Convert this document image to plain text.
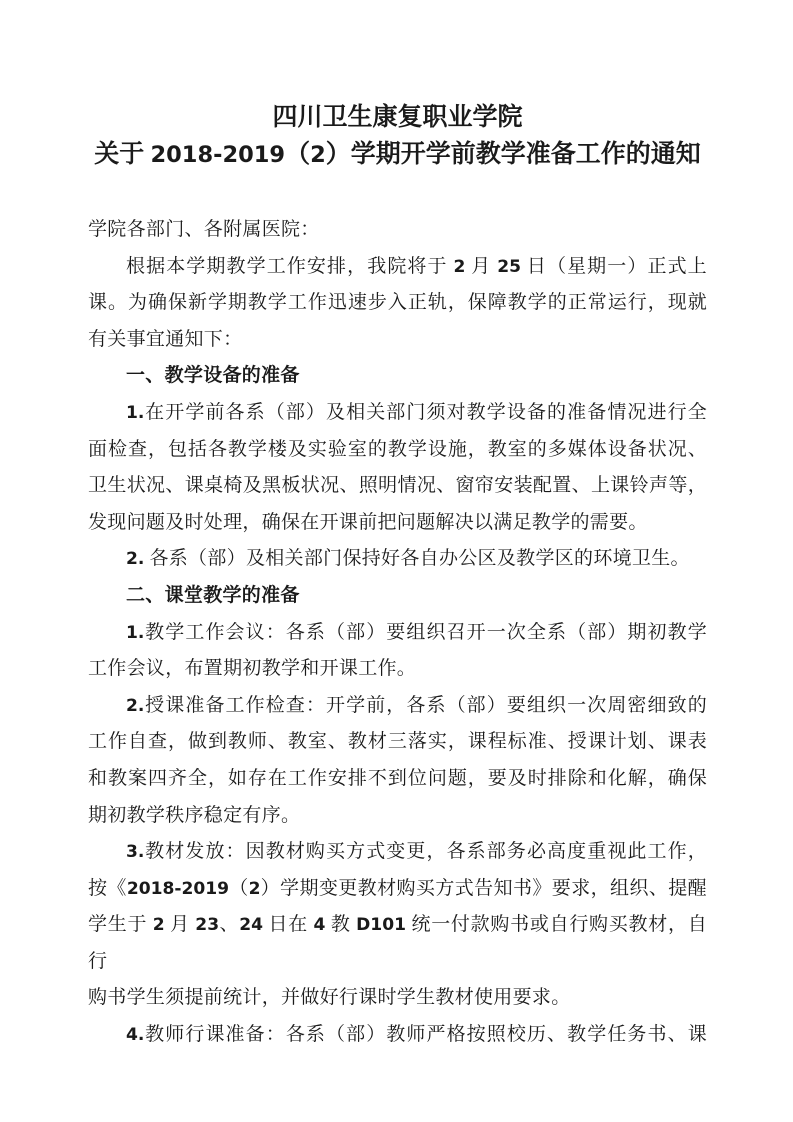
四川卫生康复职业学院
关于 2018-2019（2）学期开学前教学准备工作的通知
学院各部门、各附属医院：
根据本学期教学工作安排，我院将于 2 月 25 日（星期一）正式上
课。为确保新学期教学工作迅速步入正轨，保障教学的正常运行，现就
有关事宜通知下：
一、教学设备的准备
1.在开学前各系（部）及相关部门须对教学设备的准备情况进行全
面检查，包括各教学楼及实验室的教学设施，教室的多媒体设备状况、
卫生状况、课桌椅及黑板状况、照明情况、窗帘安装配置、上课铃声等，
发现问题及时处理，确保在开课前把问题解决以满足教学的需要。
2. 各系（部）及相关部门保持好各自办公区及教学区的环境卫生。
二、课堂教学的准备
1.教学工作会议：各系（部）要组织召开一次全系（部）期初教学
工作会议，布置期初教学和开课工作。
2.授课准备工作检查：开学前，各系（部）要组织一次周密细致的
工作自查，做到教师、教室、教材三落实，课程标准、授课计划、课表
和教案四齐全，如存在工作安排不到位问题，要及时排除和化解，确保
期初教学秩序稳定有序。
3.教材发放：因教材购买方式变更，各系部务必高度重视此工作，
按《2018-2019（2）学期变更教材购买方式告知书》要求，组织、提醒
学生于 2 月 23、24 日在 4 教 D101 统一付款购书或自行购买教材，自行
购书学生须提前统计，并做好行课时学生教材使用要求。
4.教师行课准备：各系（部）教师严格按照校历、教学任务书、课
